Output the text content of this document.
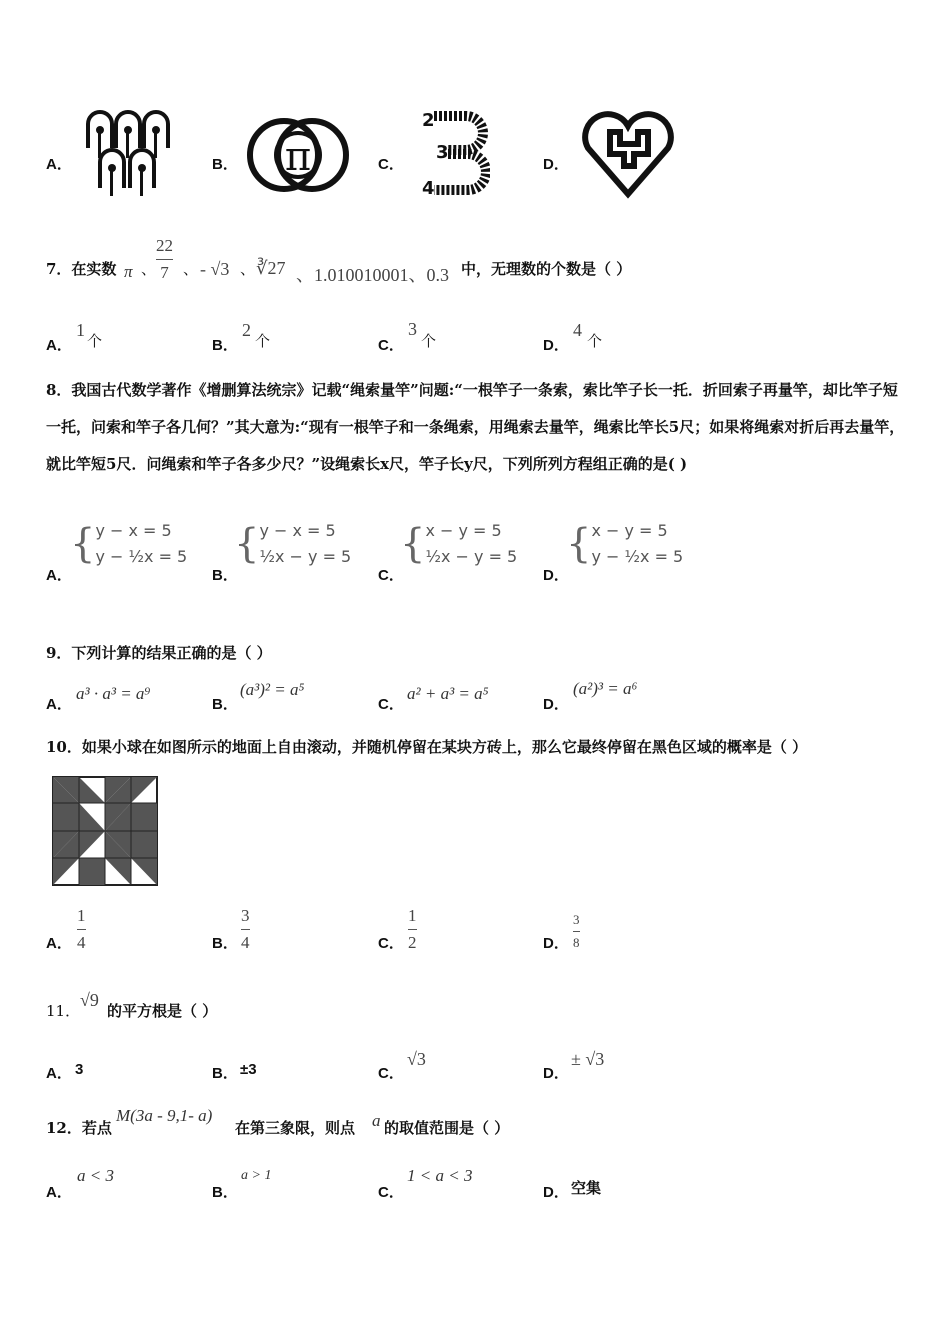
A．	B． π	C．
2
3
4
D．
7．在实数 π 、
22
7 、 - √3 、 ∛27 、1.010010001、0.3 中，无理数的个数是（ ）
A．
1
个	B．
2
个	C．
3
个	D．
4
个
8．我国古代数学著作《增删算法统宗》记载“绳索量竿”问题:“一根竿子一条索，索比竿子长一托．折回索子再量竿，却比竿子短一托，问索和竿子各几何？”其大意为:“现有一根竿子和一条绳索，用绳索去量竿，绳索比竿长5尺；如果将绳索对折后再去量竿，就比竿短5尺．问绳索和竿子各多少尺？”设绳索长x尺，竿子长y尺，下列所列方程组正确的是( )
A．
{ y − x = 5
y − ½x = 5
B．
{ y − x = 5
½x − y = 5
C．
{ x − y = 5
½x − y = 5
D．
{ x − y = 5
y − ½x = 5
9．下列计算的结果正确的是（ ）
A．
a³ · a³ = a⁹
B．
(a³)² = a⁵
C．
a² + a³ = a⁵
D．
(a²)³ = a⁶
10．如果小球在如图所示的地面上自由滚动，并随机停留在某块方砖上，那么它最终停留在黑色区域的概率是（ ）
A．
1
4	B．
3
4	C．
1
2	D．
3
8
11．
√9
的平方根是（ ）
A． 3	B． ±3	C．
√3
D．
± √3
12．若点
M(3a - 9,1- a)
在第三象限，则点 a 的取值范围是（ ）
A．
a < 3
B．
a > 1
C．
1 < a < 3
D． 空集
